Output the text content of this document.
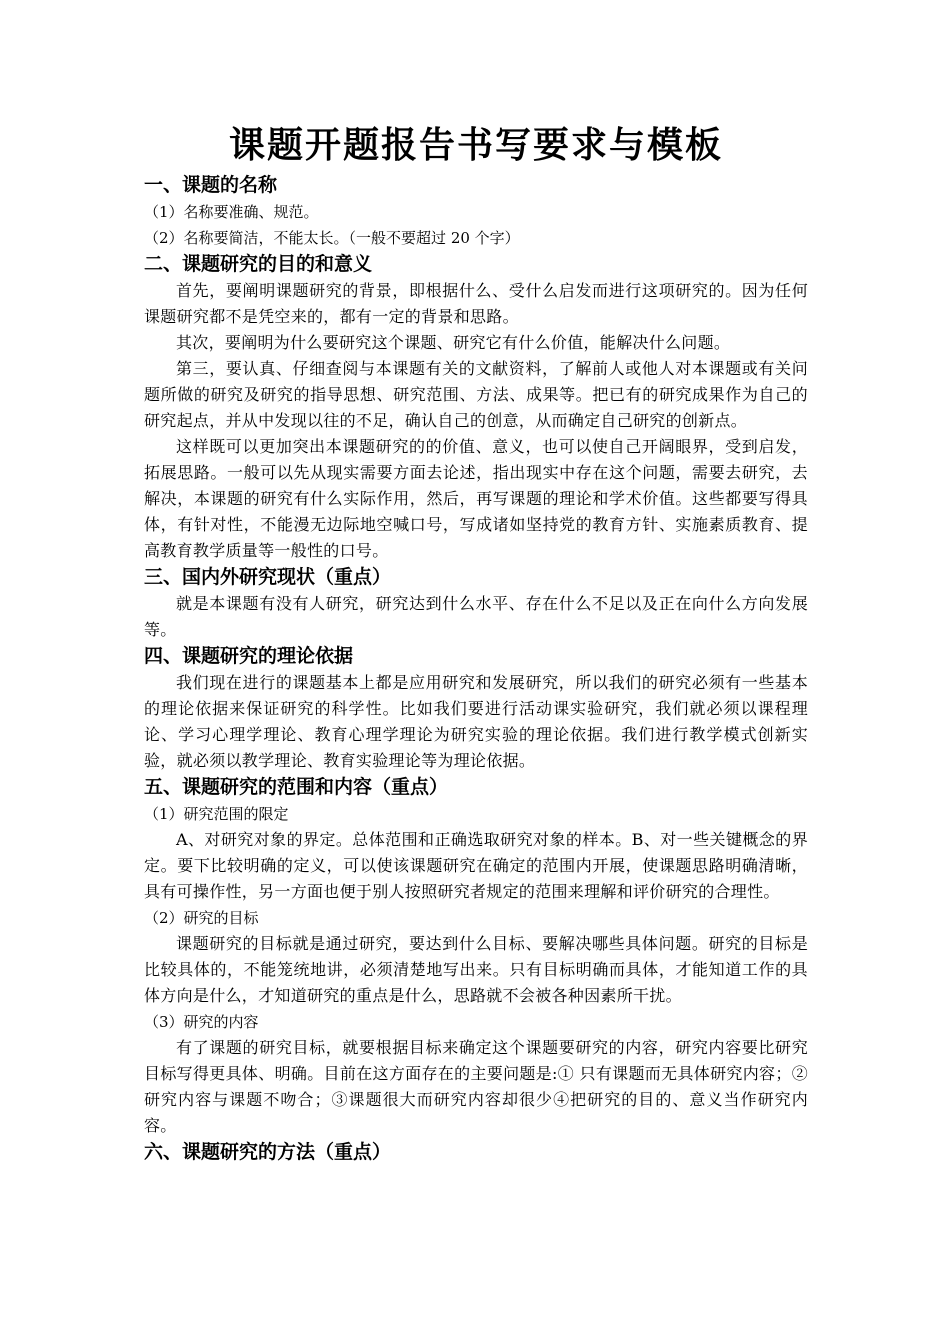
课题开题报告书写要求与模板
一、课题的名称

（1）名称要准确、规范。

（2）名称要简洁，不能太长。（一般不要超过 20 个字）

二、课题研究的目的和意义

首先，要阐明课题研究的背景，即根据什么、受什么启发而进行这项研究的。因为任何课题研究都不是凭空来的，都有一定的背景和思路。

其次，要阐明为什么要研究这个课题、研究它有什么价值，能解决什么问题。

第三，要认真、仔细查阅与本课题有关的文献资料，了解前人或他人对本课题或有关问题所做的研究及研究的指导思想、研究范围、方法、成果等。把已有的研究成果作为自己的研究起点，并从中发现以往的不足，确认自己的创意，从而确定自己研究的创新点。

这样既可以更加突出本课题研究的的价值、意义，也可以使自己开阔眼界，受到启发，拓展思路。一般可以先从现实需要方面去论述，指出现实中存在这个问题，需要去研究，去解决，本课题的研究有什么实际作用，然后，再写课题的理论和学术价值。这些都要写得具体，有针对性，不能漫无边际地空喊口号，写成诸如坚持党的教育方针、实施素质教育、提高教育教学质量等一般性的口号。

三、国内外研究现状（重点）

就是本课题有没有人研究，研究达到什么水平、存在什么不足以及正在向什么方向发展等。

四、课题研究的理论依据

我们现在进行的课题基本上都是应用研究和发展研究，所以我们的研究必须有一些基本的理论依据来保证研究的科学性。比如我们要进行活动课实验研究，我们就必须以课程理论、学习心理学理论、教育心理学理论为研究实验的理论依据。我们进行教学模式创新实验，就必须以教学理论、教育实验理论等为理论依据。

五、课题研究的范围和内容（重点）

（1）研究范围的限定

A、对研究对象的界定。总体范围和正确选取研究对象的样本。B、对一些关键概念的界定。要下比较明确的定义，可以使该课题研究在确定的范围内开展，使课题思路明确清晰，具有可操作性，另一方面也便于别人按照研究者规定的范围来理解和评价研究的合理性。

（2）研究的目标

课题研究的目标就是通过研究，要达到什么目标、要解决哪些具体问题。研究的目标是比较具体的，不能笼统地讲，必须清楚地写出来。只有目标明确而具体，才能知道工作的具体方向是什么，才知道研究的重点是什么，思路就不会被各种因素所干扰。

（3）研究的内容

有了课题的研究目标，就要根据目标来确定这个课题要研究的内容，研究内容要比研究目标写得更具体、明确。目前在这方面存在的主要问题是:① 只有课题而无具体研究内容；②研究内容与课题不吻合；③课题很大而研究内容却很少④把研究的目的、意义当作研究内容。

六、课题研究的方法（重点）
